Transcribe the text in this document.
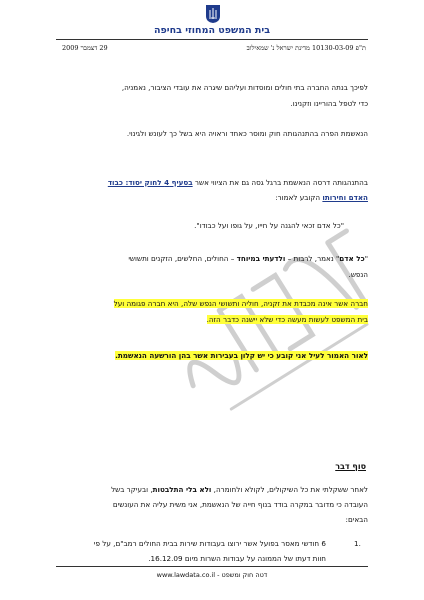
בית המשפט המחוזי בחיפה
ת"פ 10130-03-09 מדינת ישראל נ' שמאילוב
29 דצמבר 2009
לפיכך בנתה החברה בתי חולים ומוסדות ועליהם שיגרה את עובדי הציבור, נאמניה,
כדי לטפל בהוריינו וזקנינו.
הנאשמת הפרה בהתנהגותה חוק ומוסר כאחד וראויה היא בשל כך לעונש ולגינוי.
בהתנהגותה דרסה הנאשמת ברגל גסה גם את הציווי אשר בסעיף 4 לחוק יסוד: כבוד
האדם וחירותו הקובע לאמור:
"כל אדם זכאי להגנה על חייו, על גופו ועל כבודו".
"כל אדם" נאמר, לרבות – ולדעתי במיוחד – החולים, החלשים, הזקנים ותשושי
הנפש.
חברה אשר אינה מכבדת את זקניה, חוליה ותשושי הנפש שלה, היא חברה פגומה ועל
בית המשפט לעשות מעשה כדי שלא יישנה כדבר הזה.
לאור האמור לעיל אני קובע כי יש קלון בעבירות אשר בהן הורשעה הנאשמת.
סוף דבר
לאחר ששקלתי את כל השיקולים, לקולא ולחומרה, ולא בלי התלבטות, ובעיקר בשל
העובדה כי מדובר במקרה בודד בנוף חייה של הנאשמת, אני משית עליה את העונשים
הבאים:
1.
6 חודשי מאסר בפועל אשר ירוצו בעבודות שירות בבית החולים רמב"ם, על פי
חוות דעתו של הממונה על עבודות השרות מיום 16.12.09.
דטה חוק ומשפט - www.lawdata.co.il
